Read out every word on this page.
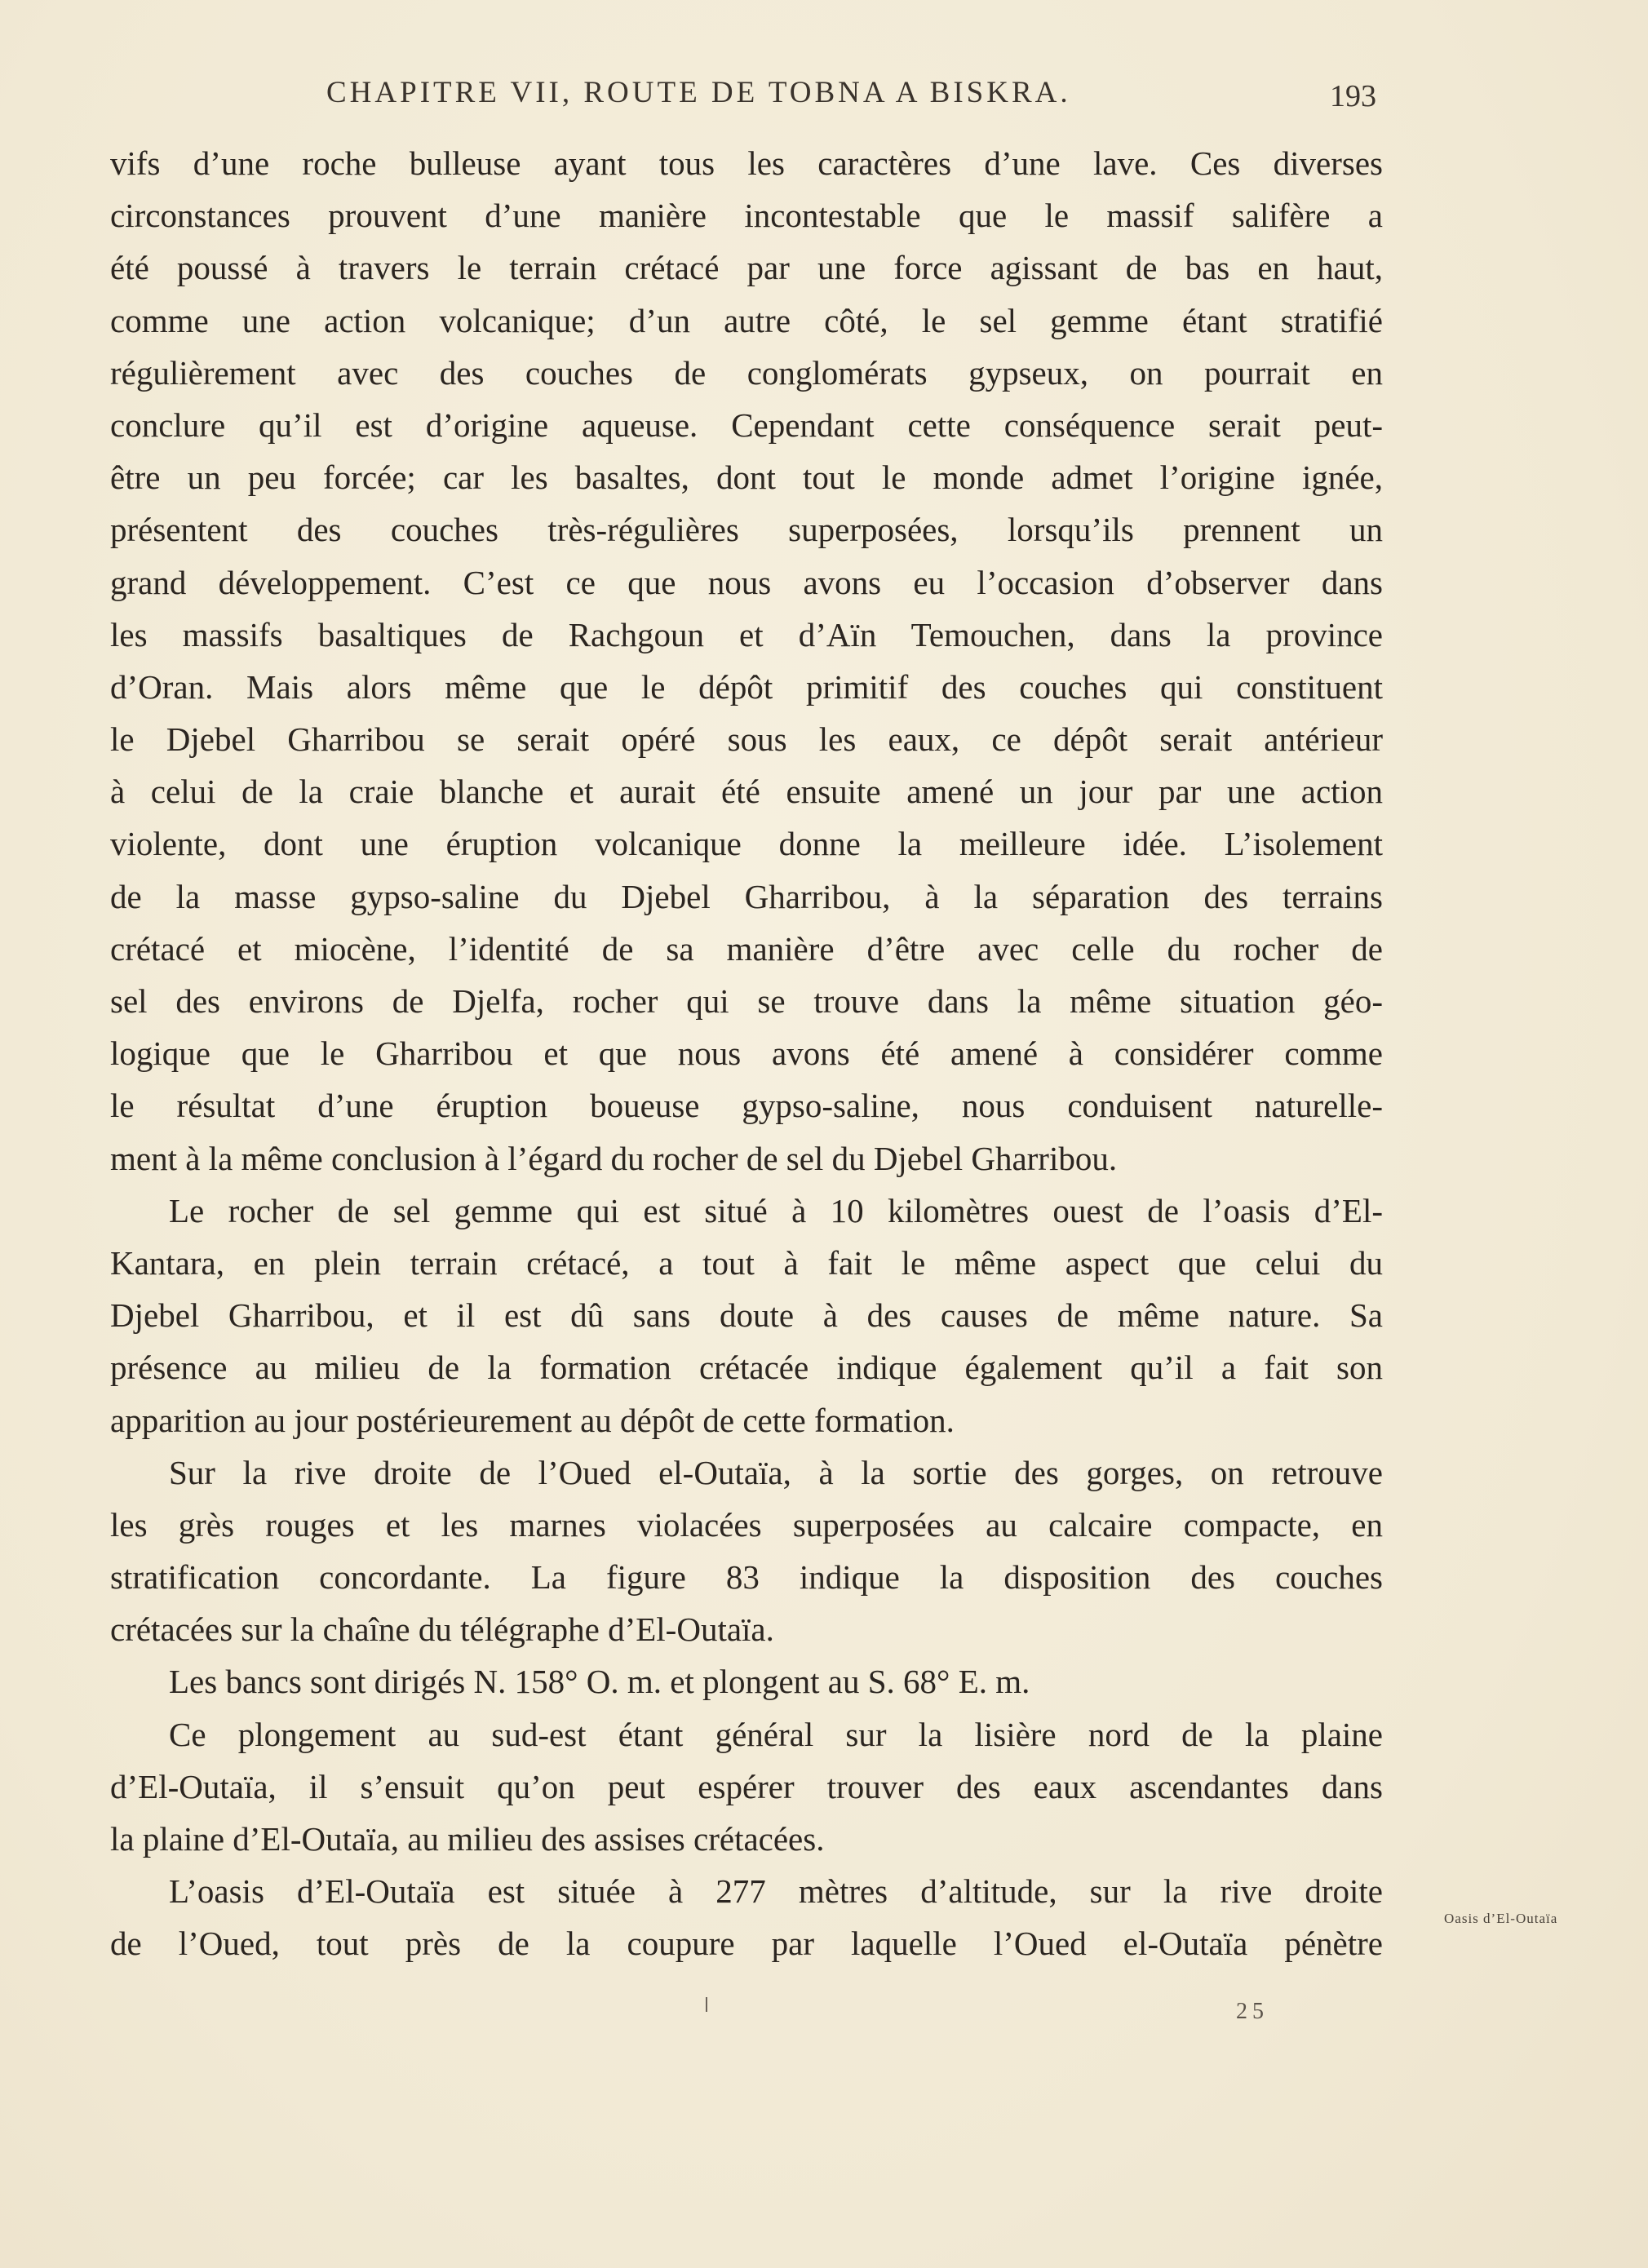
CHAPITRE VII, ROUTE DE TOBNA A BISKRA.	193
vifs d’une roche bulleuse ayant tous les caractères d’une lave. Ces diverses
circonstances prouvent d’une manière incontestable que le massif salifère a
été poussé à travers le terrain crétacé par une force agissant de bas en haut,
comme une action volcanique; d’un autre côté, le sel gemme étant stratifié
régulièrement avec des couches de conglomérats gypseux, on pourrait en
conclure qu’il est d’origine aqueuse. Cependant cette conséquence serait peut-
être un peu forcée; car les basaltes, dont tout le monde admet l’origine ignée,
présentent des couches très-régulières superposées, lorsqu’ils prennent un
grand développement. C’est ce que nous avons eu l’occasion d’observer dans
les massifs basaltiques de Rachgoun et d’Aïn Temouchen, dans la province
d’Oran. Mais alors même que le dépôt primitif des couches qui constituent
le Djebel Gharribou se serait opéré sous les eaux, ce dépôt serait antérieur
à celui de la craie blanche et aurait été ensuite amené un jour par une action
violente, dont une éruption volcanique donne la meilleure idée. L’isolement
de la masse gypso-saline du Djebel Gharribou, à la séparation des terrains
crétacé et miocène, l’identité de sa manière d’être avec celle du rocher de
sel des environs de Djelfa, rocher qui se trouve dans la même situation géo-
logique que le Gharribou et que nous avons été amené à considérer comme
le résultat d’une éruption boueuse gypso-saline, nous conduisent naturelle-
ment à la même conclusion à l’égard du rocher de sel du Djebel Gharribou.
Le rocher de sel gemme qui est situé à 10 kilomètres ouest de l’oasis d’El-
Kantara, en plein terrain crétacé, a tout à fait le même aspect que celui du
Djebel Gharribou, et il est dû sans doute à des causes de même nature. Sa
présence au milieu de la formation crétacée indique également qu’il a fait son
apparition au jour postérieurement au dépôt de cette formation.
Sur la rive droite de l’Oued el-Outaïa, à la sortie des gorges, on retrouve
les grès rouges et les marnes violacées superposées au calcaire compacte, en
stratification concordante. La figure 83 indique la disposition des couches
crétacées sur la chaîne du télégraphe d’El-Outaïa.
Les bancs sont dirigés N. 158° O. m. et plongent au S. 68° E. m.
Ce plongement au sud-est étant général sur la lisière nord de la plaine
d’El-Outaïa, il s’ensuit qu’on peut espérer trouver des eaux ascendantes dans
la plaine d’El-Outaïa, au milieu des assises crétacées.
L’oasis d’El-Outaïa est située à 277 mètres d’altitude, sur la rive droite
de l’Oued, tout près de la coupure par laquelle l’Oued el-Outaïa pénètre
Oasis d’El-Outaïa
25
